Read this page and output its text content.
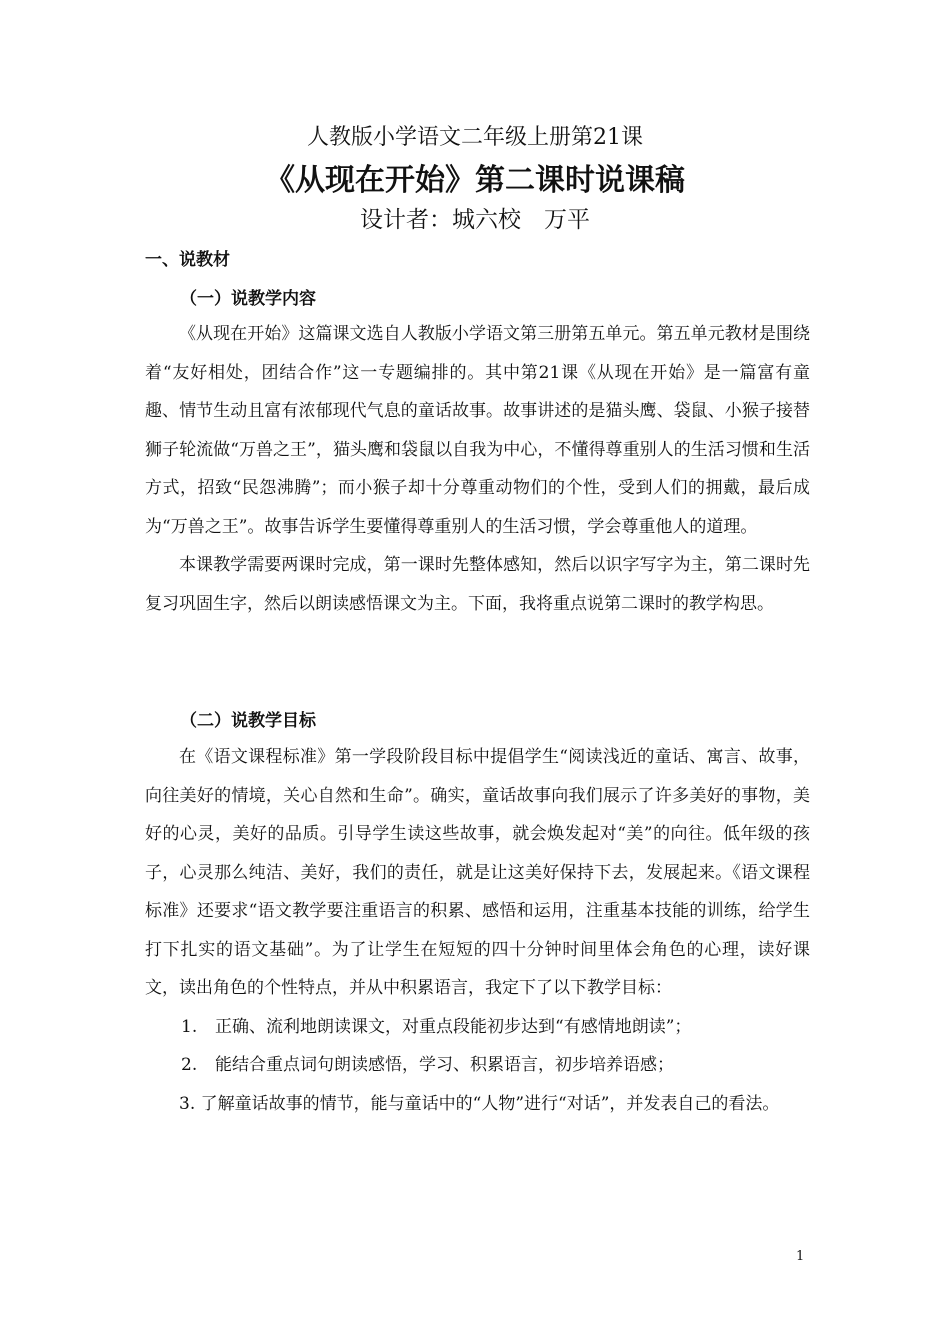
人教版小学语文二年级上册第21课
《从现在开始》第二课时说课稿
设计者：城六校　万平
一、说教材
（一）说教学内容

《从现在开始》这篇课文选自人教版小学语文第三册第五单元。第五单元教材是围绕着“友好相处，团结合作”这一专题编排的。其中第21课《从现在开始》是一篇富有童趣、情节生动且富有浓郁现代气息的童话故事。故事讲述的是猫头鹰、袋鼠、小猴子接替狮子轮流做“万兽之王”，猫头鹰和袋鼠以自我为中心，不懂得尊重别人的生活习惯和生活方式，招致“民怨沸腾”；而小猴子却十分尊重动物们的个性，受到人们的拥戴，最后成为“万兽之王”。故事告诉学生要懂得尊重别人的生活习惯，学会尊重他人的道理。

本课教学需要两课时完成，第一课时先整体感知，然后以识字写字为主，第二课时先复习巩固生字，然后以朗读感悟课文为主。下面，我将重点说第二课时的教学构思。

（二）说教学目标

在《语文课程标准》第一学段阶段目标中提倡学生“阅读浅近的童话、寓言、故事，向往美好的情境，关心自然和生命”。确实，童话故事向我们展示了许多美好的事物，美好的心灵，美好的品质。引导学生读这些故事，就会焕发起对“美”的向往。低年级的孩子，心灵那么纯洁、美好，我们的责任，就是让这美好保持下去，发展起来。《语文课程标准》还要求“语文教学要注重语言的积累、感悟和运用，注重基本技能的训练，给学生打下扎实的语文基础”。为了让学生在短短的四十分钟时间里体会角色的心理，读好课文，读出角色的个性特点，并从中积累语言，我定下了以下教学目标：

1. 正确、流利地朗读课文，对重点段能初步达到“有感情地朗读”；

2. 能结合重点词句朗读感悟，学习、积累语言，初步培养语感；

3. 了解童话故事的情节，能与童话中的“人物”进行“对话”，并发表自己的看法。

1
